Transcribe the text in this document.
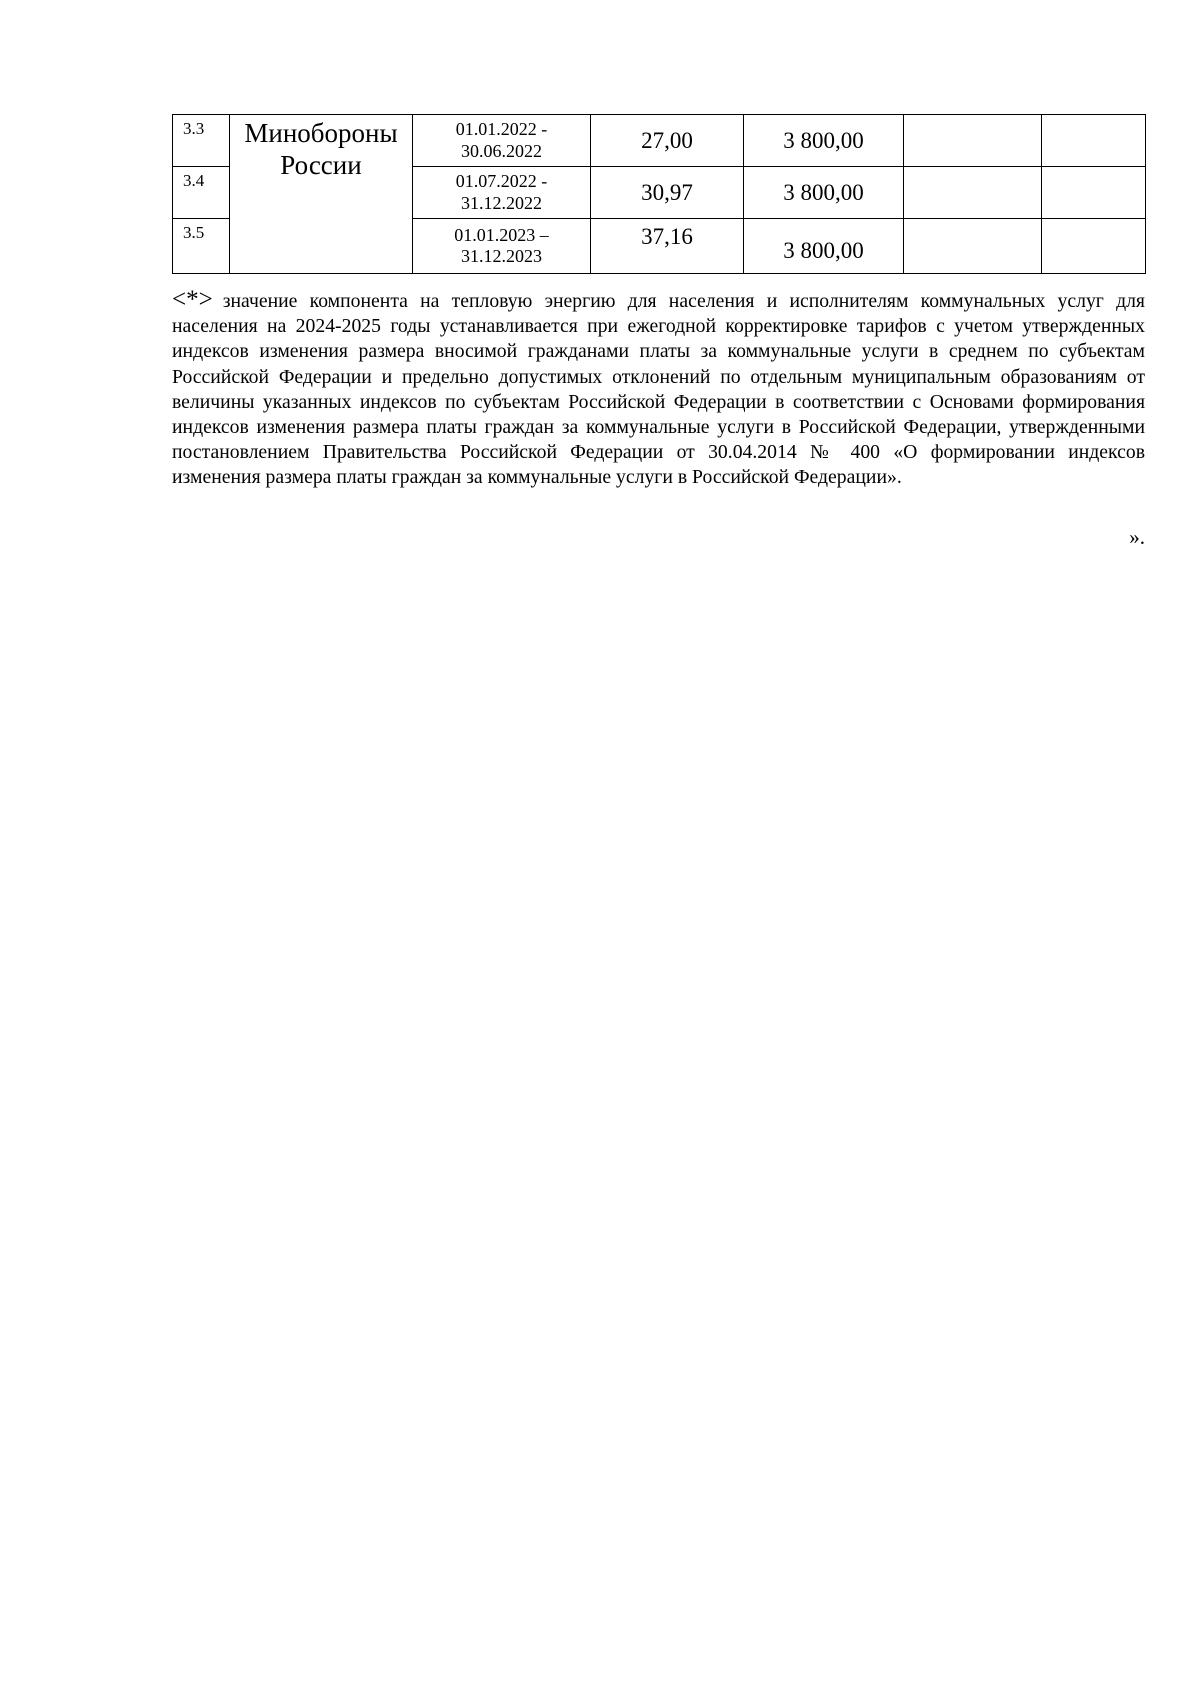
3.3	Минобороны России	01.01.2022 -
30.06.2022	27,00	3 800,00		
3.4		01.07.2022 -
31.12.2022	30,97	3 800,00		
3.5		01.01.2023 –
31.12.2023	37,16	3 800,00		
<*> значение компонента на тепловую энергию для населения и исполнителям коммунальных услуг для населения на 2024-2025 годы устанавливается при ежегодной корректировке тарифов с учетом утвержденных индексов изменения размера вносимой гражданами платы за коммунальные услуги в среднем по субъектам Российской Федерации и предельно допустимых отклонений по отдельным муниципальным образованиям от величины указанных индексов по субъектам Российской Федерации в соответствии с Основами формирования индексов изменения размера платы граждан за коммунальные услуги в Российской Федерации, утвержденными постановлением Правительства Российской Федерации от 30.04.2014 № 400 «О формировании индексов изменения размера платы граждан за коммунальные услуги в Российской Федерации».
».
